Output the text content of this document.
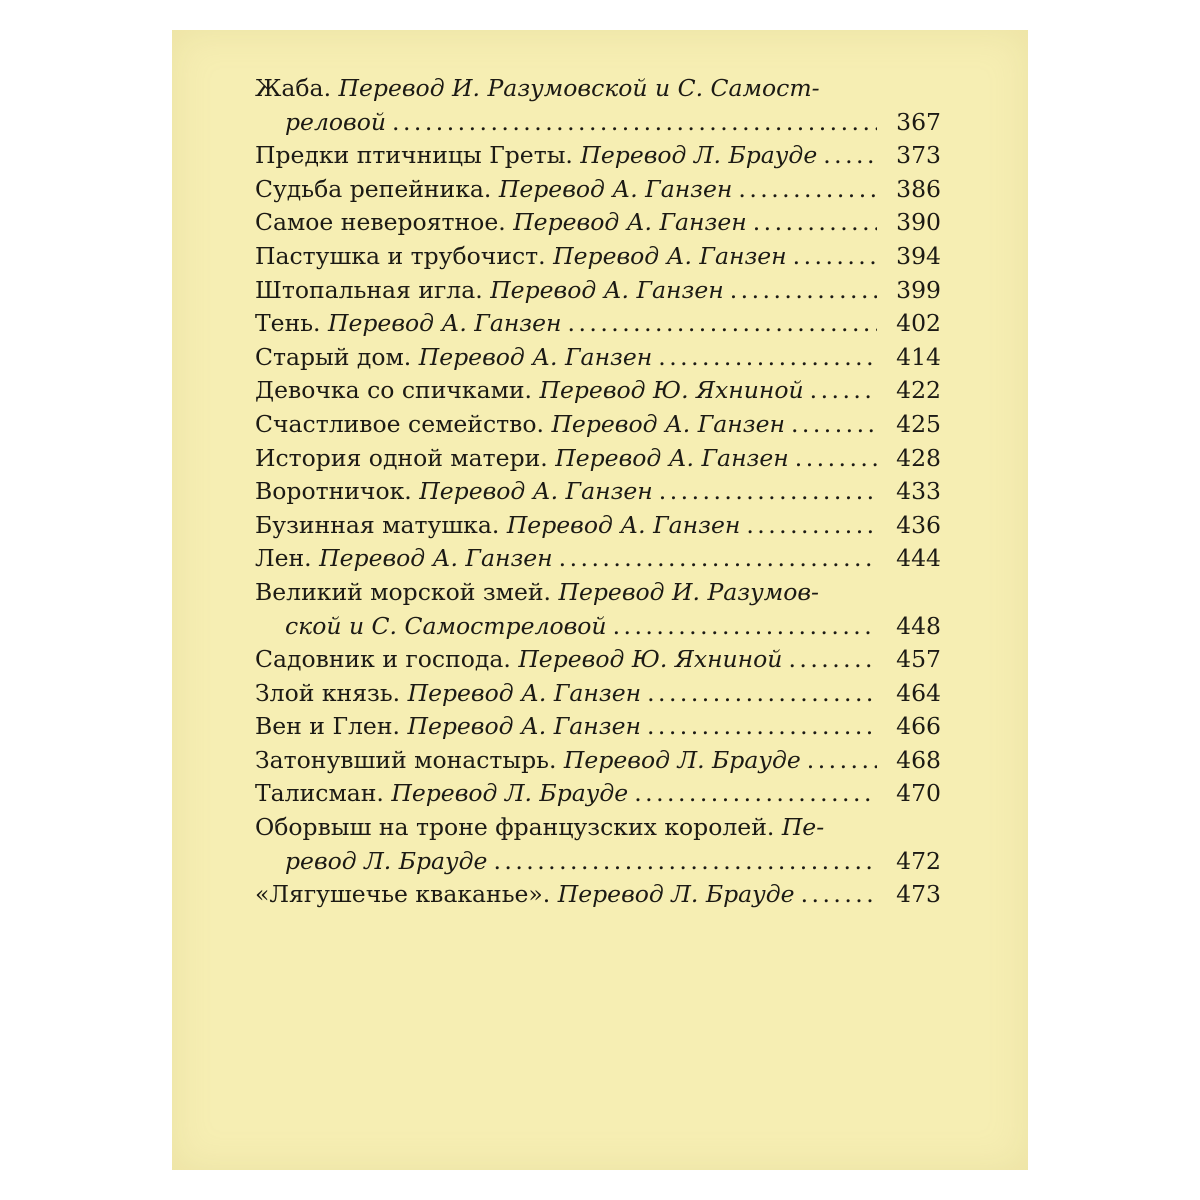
Жаба. Перевод И. Разумовской и С. Самост-
реловой . . .	367
Предки птичницы Греты. Перевод Л. Брауде . . .	373
Судьба репейника. Перевод А. Ганзен . . .	386
Самое невероятное. Перевод А. Ганзен . . .	390
Пастушка и трубочист. Перевод А. Ганзен . . .	394
Штопальная игла. Перевод А. Ганзен . . .	399
Тень. Перевод А. Ганзен . . .	402
Старый дом. Перевод А. Ганзен . . .	414
Девочка со спичками. Перевод Ю. Яхниной . . .	422
Счастливое семейство. Перевод А. Ганзен . . .	425
История одной матери. Перевод А. Ганзен . . .	428
Воротничок. Перевод А. Ганзен . . .	433
Бузинная матушка. Перевод А. Ганзен . . .	436
Лен. Перевод А. Ганзен . . .	444
Великий морской змей. Перевод И. Разумов-
ской и С. Самостреловой . . .	448
Садовник и господа. Перевод Ю. Яхниной . . .	457
Злой князь. Перевод А. Ганзен . . .	464
Вен и Глен. Перевод А. Ганзен . . .	466
Затонувший монастырь. Перевод Л. Брауде . . .	468
Талисман. Перевод Л. Брауде . . .	470
Оборвыш на троне французских королей. Пе-
ревод Л. Брауде . . .	472
«Лягушечье кваканье». Перевод Л. Брауде . . .	473
